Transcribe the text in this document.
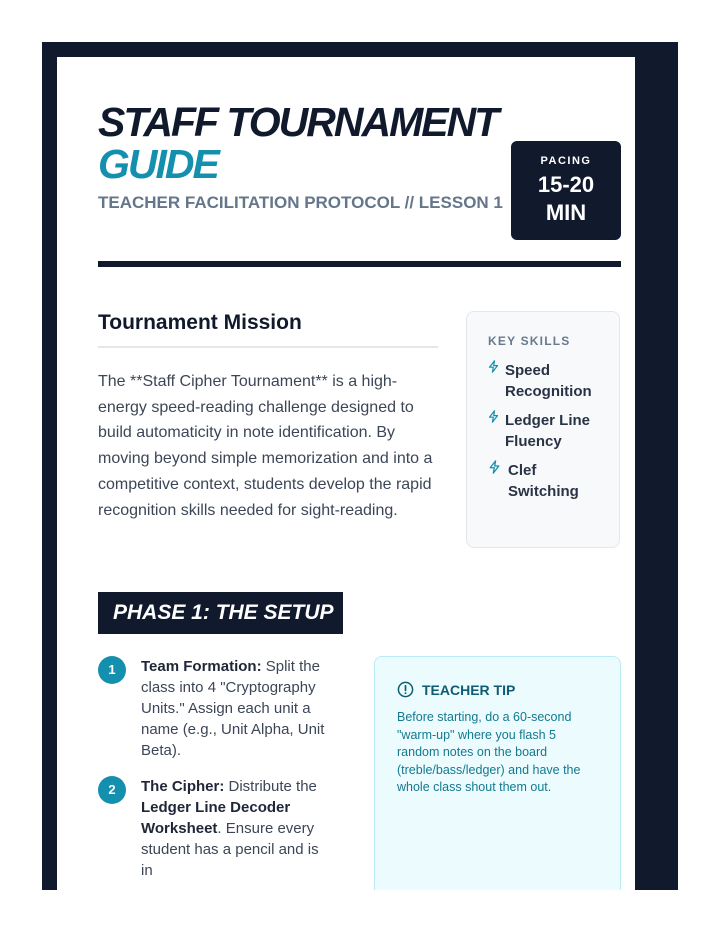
STAFF TOURNAMENT
GUIDE
TEACHER FACILITATION PROTOCOL // LESSON 1
PACING
15-20 MIN
Tournament Mission

The **Staff Cipher Tournament** is a high-energy speed-reading challenge designed to build automaticity in note identification. By moving beyond simple memorization and into a competitive context, students develop the rapid recognition skills needed for sight-reading.

KEY SKILLS
Speed Recognition
Ledger Line Fluency
Clef Switching
PHASE 1: THE SETUP
1	Team Formation: Split the class into 4 "Cryptography Units." Assign each unit a name (e.g., Unit Alpha, Unit Beta).
2	The Cipher: Distribute the Ledger Line Decoder Worksheet. Ensure every student has a pencil and is in
TEACHER TIP
Before starting, do a 60-second "warm-up" where you flash 5 random notes on the board (treble/bass/ledger) and have the whole class shout them out.
